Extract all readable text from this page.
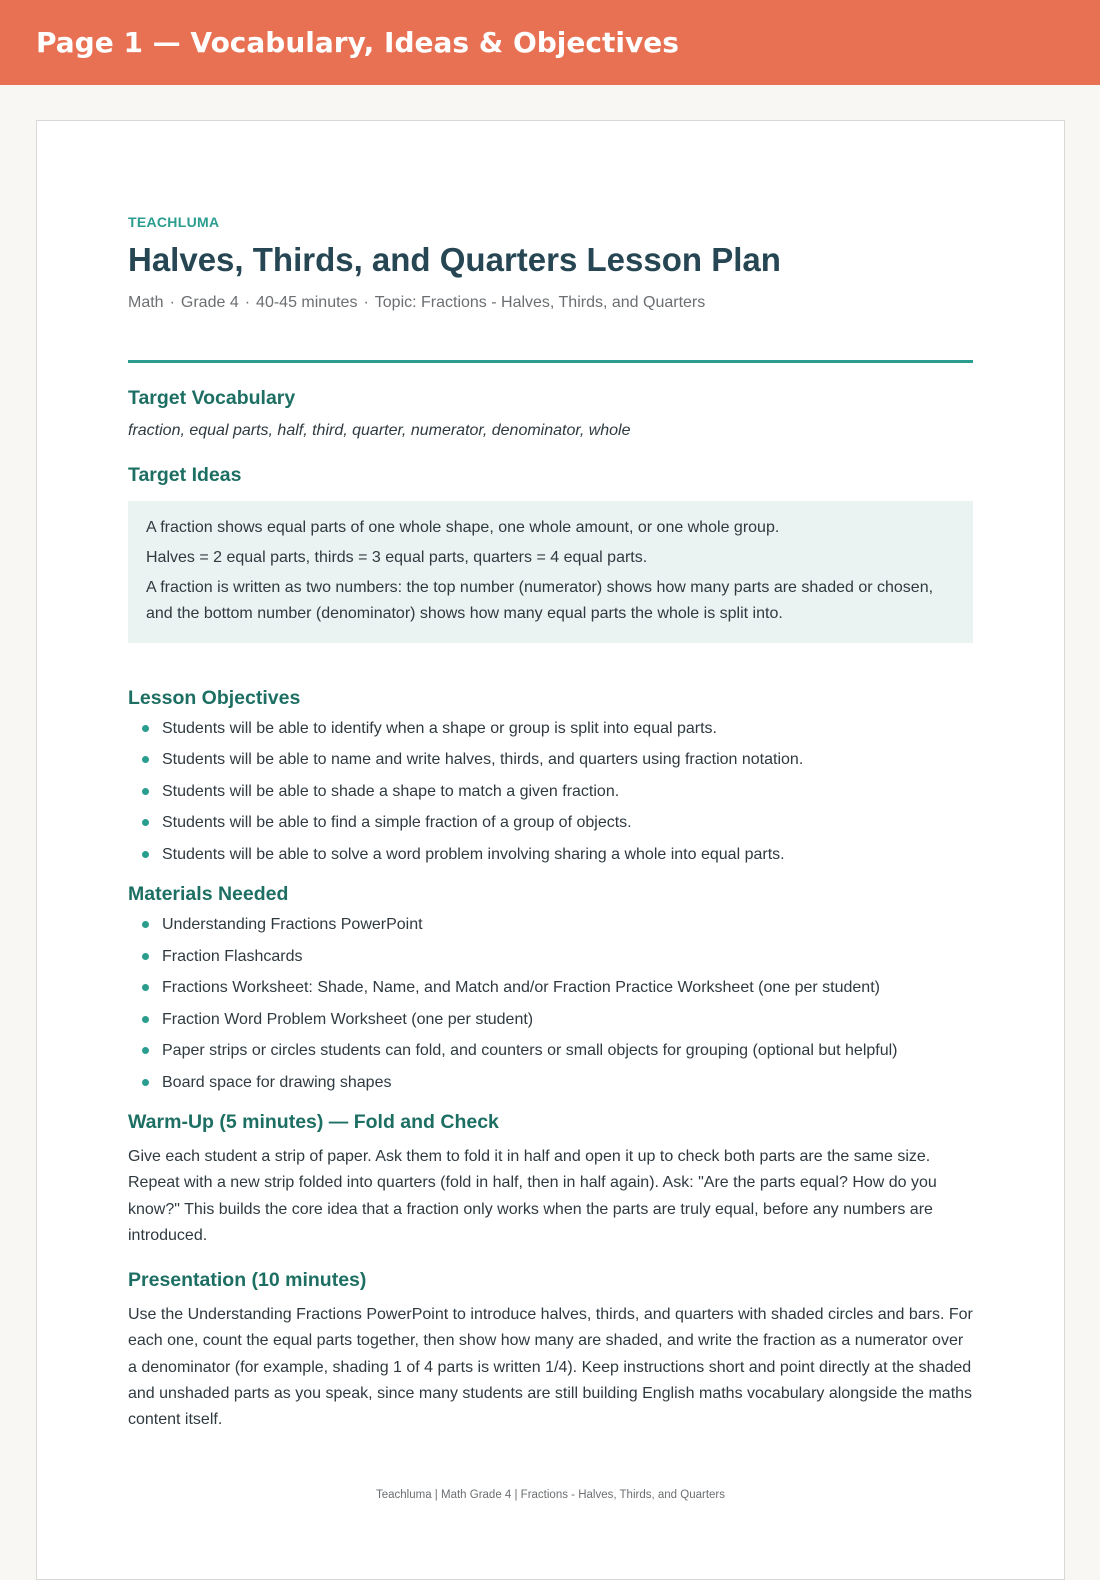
Page 1 — Vocabulary, Ideas & Objectives
TEACHLUMA
Halves, Thirds, and Quarters Lesson Plan
Math · Grade 4 · 40-45 minutes · Topic: Fractions - Halves, Thirds, and Quarters
Target Vocabulary

fraction, equal parts, half, third, quarter, numerator, denominator, whole

Target Ideas

A fraction shows equal parts of one whole shape, one whole amount, or one whole group.

Halves = 2 equal parts, thirds = 3 equal parts, quarters = 4 equal parts.

A fraction is written as two numbers: the top number (numerator) shows how many parts are shaded or chosen, and the bottom number (denominator) shows how many equal parts the whole is split into.

Lesson Objectives
Students will be able to identify when a shape or group is split into equal parts.
Students will be able to name and write halves, thirds, and quarters using fraction notation.
Students will be able to shade a shape to match a given fraction.
Students will be able to find a simple fraction of a group of objects.
Students will be able to solve a word problem involving sharing a whole into equal parts.
Materials Needed
Understanding Fractions PowerPoint
Fraction Flashcards
Fractions Worksheet: Shade, Name, and Match and/or Fraction Practice Worksheet (one per student)
Fraction Word Problem Worksheet (one per student)
Paper strips or circles students can fold, and counters or small objects for grouping (optional but helpful)
Board space for drawing shapes
Warm-Up (5 minutes) — Fold and Check

Give each student a strip of paper. Ask them to fold it in half and open it up to check both parts are the same size. Repeat with a new strip folded into quarters (fold in half, then in half again). Ask: "Are the parts equal? How do you know?" This builds the core idea that a fraction only works when the parts are truly equal, before any numbers are introduced.

Presentation (10 minutes)

Use the Understanding Fractions PowerPoint to introduce halves, thirds, and quarters with shaded circles and bars. For each one, count the equal parts together, then show how many are shaded, and write the fraction as a numerator over a denominator (for example, shading 1 of 4 parts is written 1/4). Keep instructions short and point directly at the shaded and unshaded parts as you speak, since many students are still building English maths vocabulary alongside the maths content itself.

Teachluma | Math Grade 4 | Fractions - Halves, Thirds, and Quarters
